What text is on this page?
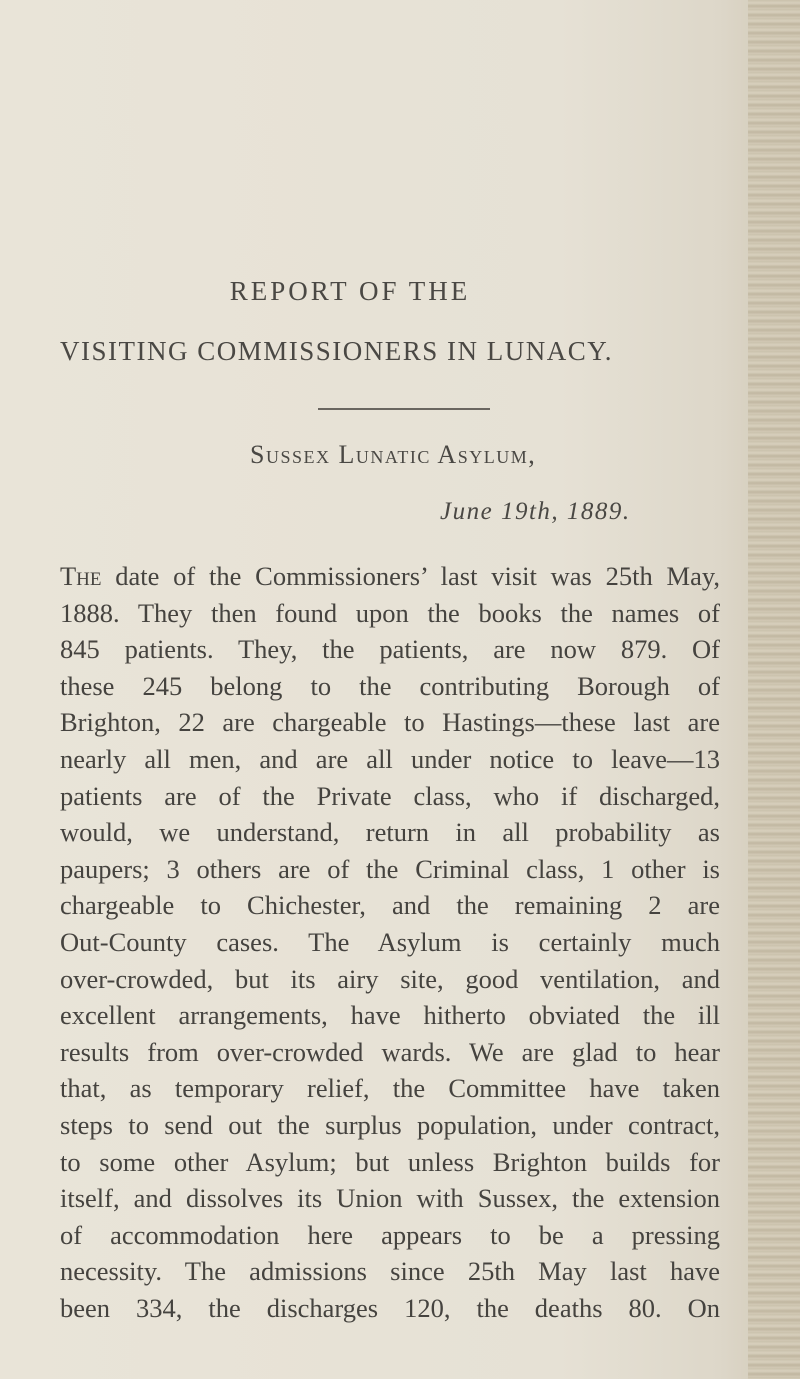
REPORT OF THE
VISITING COMMISSIONERS IN LUNACY.
Sussex Lunatic Asylum,
June 19th, 1889.
The date of the Commissioners’ last visit was 25th May,
1888. They then found upon the books the names of
845 patients. They, the patients, are now 879. Of
these 245 belong to the contributing Borough of
Brighton, 22 are chargeable to Hastings—these last are
nearly all men, and are all under notice to leave—13
patients are of the Private class, who if discharged,
would, we understand, return in all probability as
paupers; 3 others are of the Criminal class, 1 other is
chargeable to Chichester, and the remaining 2 are
Out-County cases. The Asylum is certainly much
over-crowded, but its airy site, good ventilation, and
excellent arrangements, have hitherto obviated the ill
results from over-crowded wards. We are glad to hear
that, as temporary relief, the Committee have taken
steps to send out the surplus population, under contract,
to some other Asylum; but unless Brighton builds for
itself, and dissolves its Union with Sussex, the extension
of accommodation here appears to be a pressing
necessity. The admissions since 25th May last have
been 334, the discharges 120, the deaths 80. On
